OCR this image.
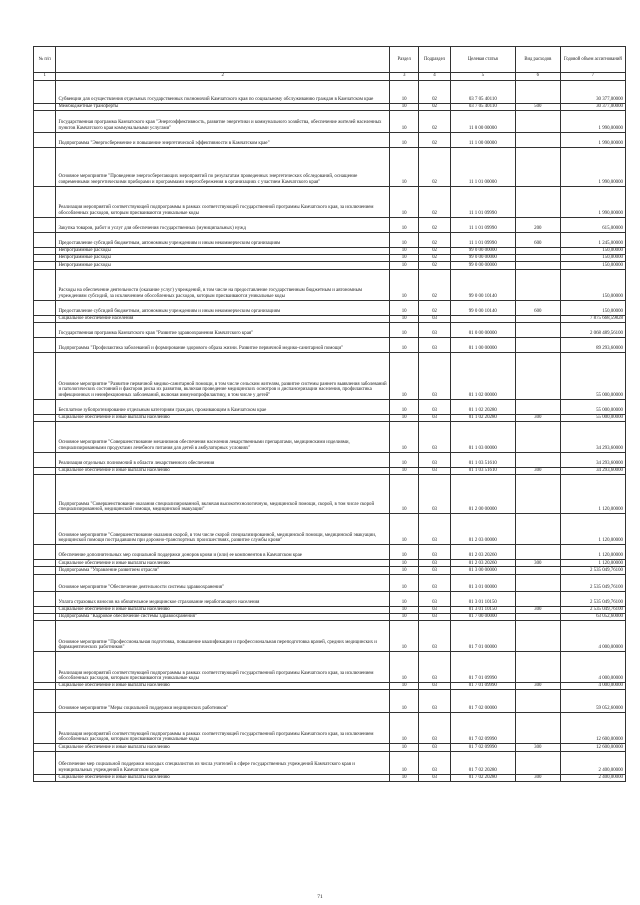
№ п/п		Раздел	Подраздел	Целевая статья	Вид расходов	Годовой объем ассигнований
1	2	3	4	5	6	7
	Субвенции для осуществления отдельных государственных полномочий Камчатского края по социальному обслуживанию граждан в Камчатском крае	10	02	03 7 05 40110		30 377,00000
	Межбюджетные трансферты	10	02	03 7 05 40110	500	30 377,00000
	Государственная программа Камчатского края "Энергоэффективность, развитие энергетики и коммунального хозяйства, обеспечение жителей населенных пунктов Камчатского края коммунальными услугами"	10	02	11 0 00 00000		1 990,00000
	Подпрограмма "Энергосбережение и повышение энергетической эффективности в Камчатском крае"	10	02	11 1 00 00000		1 990,00000
	Основное мероприятие "Проведение энергосберегающих мероприятий по результатам проведенных энергетических обследований, оснащение современными энергетическими приборами и программами энергосбережения в организациях с участием Камчатского края"	10	02	11 1 01 00000		1 990,00000
	Реализация мероприятий соответствующей подпрограммы в рамках соответствующей государственной программы Камчатского края, за исключением обособленных расходов, которым присваиваются уникальные коды	10	02	11 1 01 09990		1 990,00000
	Закупка товаров, работ и услуг для обеспечения государственных (муниципальных) нужд	10	02	11 1 01 09990	200	615,00000
	Предоставление субсидий бюджетным, автономным учреждениям и иным некоммерческим организациям	10	02	11 1 01 09990	600	1 245,00000
	Непрограммные расходы	10	02	99 0 00 00000		150,00000
	Непрограммные расходы	10	02	99 0 00 00000		150,00000
	Непрограммные расходы	10	02	99 0 00 00000		150,00000
	Расходы на обеспечение деятельности (оказание услуг) учреждений, в том числе на предоставление государственным бюджетным и автономным учреждениям субсидий, за исключением обособленных расходов, которым присваиваются уникальные коды	10	02	99 0 00 10140		150,00000
	Предоставление субсидий бюджетным, автономным учреждениям и иным некоммерческим организациям	10	02	99 0 00 10140	600	150,00000
	Социальное обеспечение населения	10	03			7 875 668,59828
	Государственная программа Камчатского края "Развитие здравоохранения Камчатского края"	10	03	01 0 00 00000		2 068 489,56100
	Подпрограмма "Профилактика заболеваний и формирование здорового образа жизни. Развитие первичной медико-санитарной помощи"	10	03	01 1 00 00000		89 293,60000
	Основное мероприятие "Развитие первичной медико-санитарной помощи, в том числе сельским жителям, развитие системы раннего выявления заболеваний и патологических состояний и факторов риска их развития, включая проведение медицинских осмотров и диспансеризации населения, профилактика инфекционных и неинфекционных заболеваний, включая иммунопрофилактику, в том числе у детей"	10	03	01 1 02 00000		55 000,00000
	Бесплатное зубопротезирование отдельным категориям граждан, проживающим в Камчатском крае	10	03	01 1 02 20280		55 000,00000
	Социальное обеспечение и иные выплаты населению	10	03	01 1 02 20280	300	55 000,00000
	Основное мероприятие "Совершенствование механизмов обеспечения населения лекарственными препаратами, медицинскими изделиями, специализированными продуктами лечебного питания для детей в амбулаторных условиях"	10	03	01 1 03 00000		34 293,60000
	Реализация отдельных полномочий в области лекарственного обеспечения	10	03	01 1 03 51610		34 293,60000
	Социальное обеспечение и иные выплаты населению	10	03	01 1 03 51610	300	34 293,60000
	Подпрограмма "Совершенствование оказания специализированной, включая высокотехнологичную, медицинской помощи, скорой, в том числе скорой специализированной, медицинской помощи, медицинской эвакуации"	10	03	01 2 00 00000		1 120,00000
	Основное мероприятие "Совершенствование оказания скорой, в том числе скорой специализированной, медицинской помощи, медицинской эвакуации, медицинской помощи пострадавшим при дорожно-транспортных происшествиях, развитие службы крови"	10	03	01 2 03 00000		1 120,00000
	Обеспечение дополнительных мер социальной поддержки доноров крови и (или) ее компонентов в Камчатском крае	10	03	01 2 03 20260		1 120,00000
	Социальное обеспечение и иные выплаты населению	10	03	01 2 03 20260	300	1 120,00000
	Подпрограмма "Управление развитием отрасли"	10	03	01 3 00 00000		2 535 049,76100
	Основное мероприятие "Обеспечение деятельности системы здравоохранения"	10	03	01 3 01 00000		2 535 049,76100
	Уплата страховых взносов на обязательное медицинское страхование неработающего населения	10	03	01 3 01 10150		2 535 049,76100
	Социальное обеспечение и иные выплаты населению	10	03	01 3 01 10150	300	2 535 049,76100
	Подпрограмма "Кадровое обеспечение системы здравоохранения"	10	03	01 7 00 00000		63 052,60000
	Основное мероприятие "Профессиональная подготовка, повышение квалификации и профессиональная переподготовка врачей, средних медицинских и фармацевтических работников"	10	03	01 7 01 00000		4 000,00000
	Реализация мероприятий соответствующей подпрограммы в рамках соответствующей государственной программы Камчатского края, за исключением обособленных расходов, которым присваиваются уникальные коды	10	03	01 7 01 09990		4 000,00000
	Социальное обеспечение и иные выплаты населению	10	03	01 7 01 09990	300	4 000,00000
	Основное мероприятие "Меры социальной поддержки медицинских работников"	10	03	01 7 02 00000		59 052,60000
	Реализация мероприятий соответствующей подпрограммы в рамках соответствующей государственной программы Камчатского края, за исключением обособленных расходов, которым присваиваются уникальные коды	10	03	01 7 02 09990		12 600,00000
	Социальное обеспечение и иные выплаты населению	10	03	01 7 02 09990	300	12 600,00000
	Обеспечение мер социальной поддержки молодых специалистов из числа учителей в сфере государственных учреждений Камчатского края и муниципальных учреждений в Камчатском крае	10	03	01 7 02 20280		2 400,00000
	Социальное обеспечение и иные выплаты населению	10	03	01 7 02 20280	300	2 400,00000
71
